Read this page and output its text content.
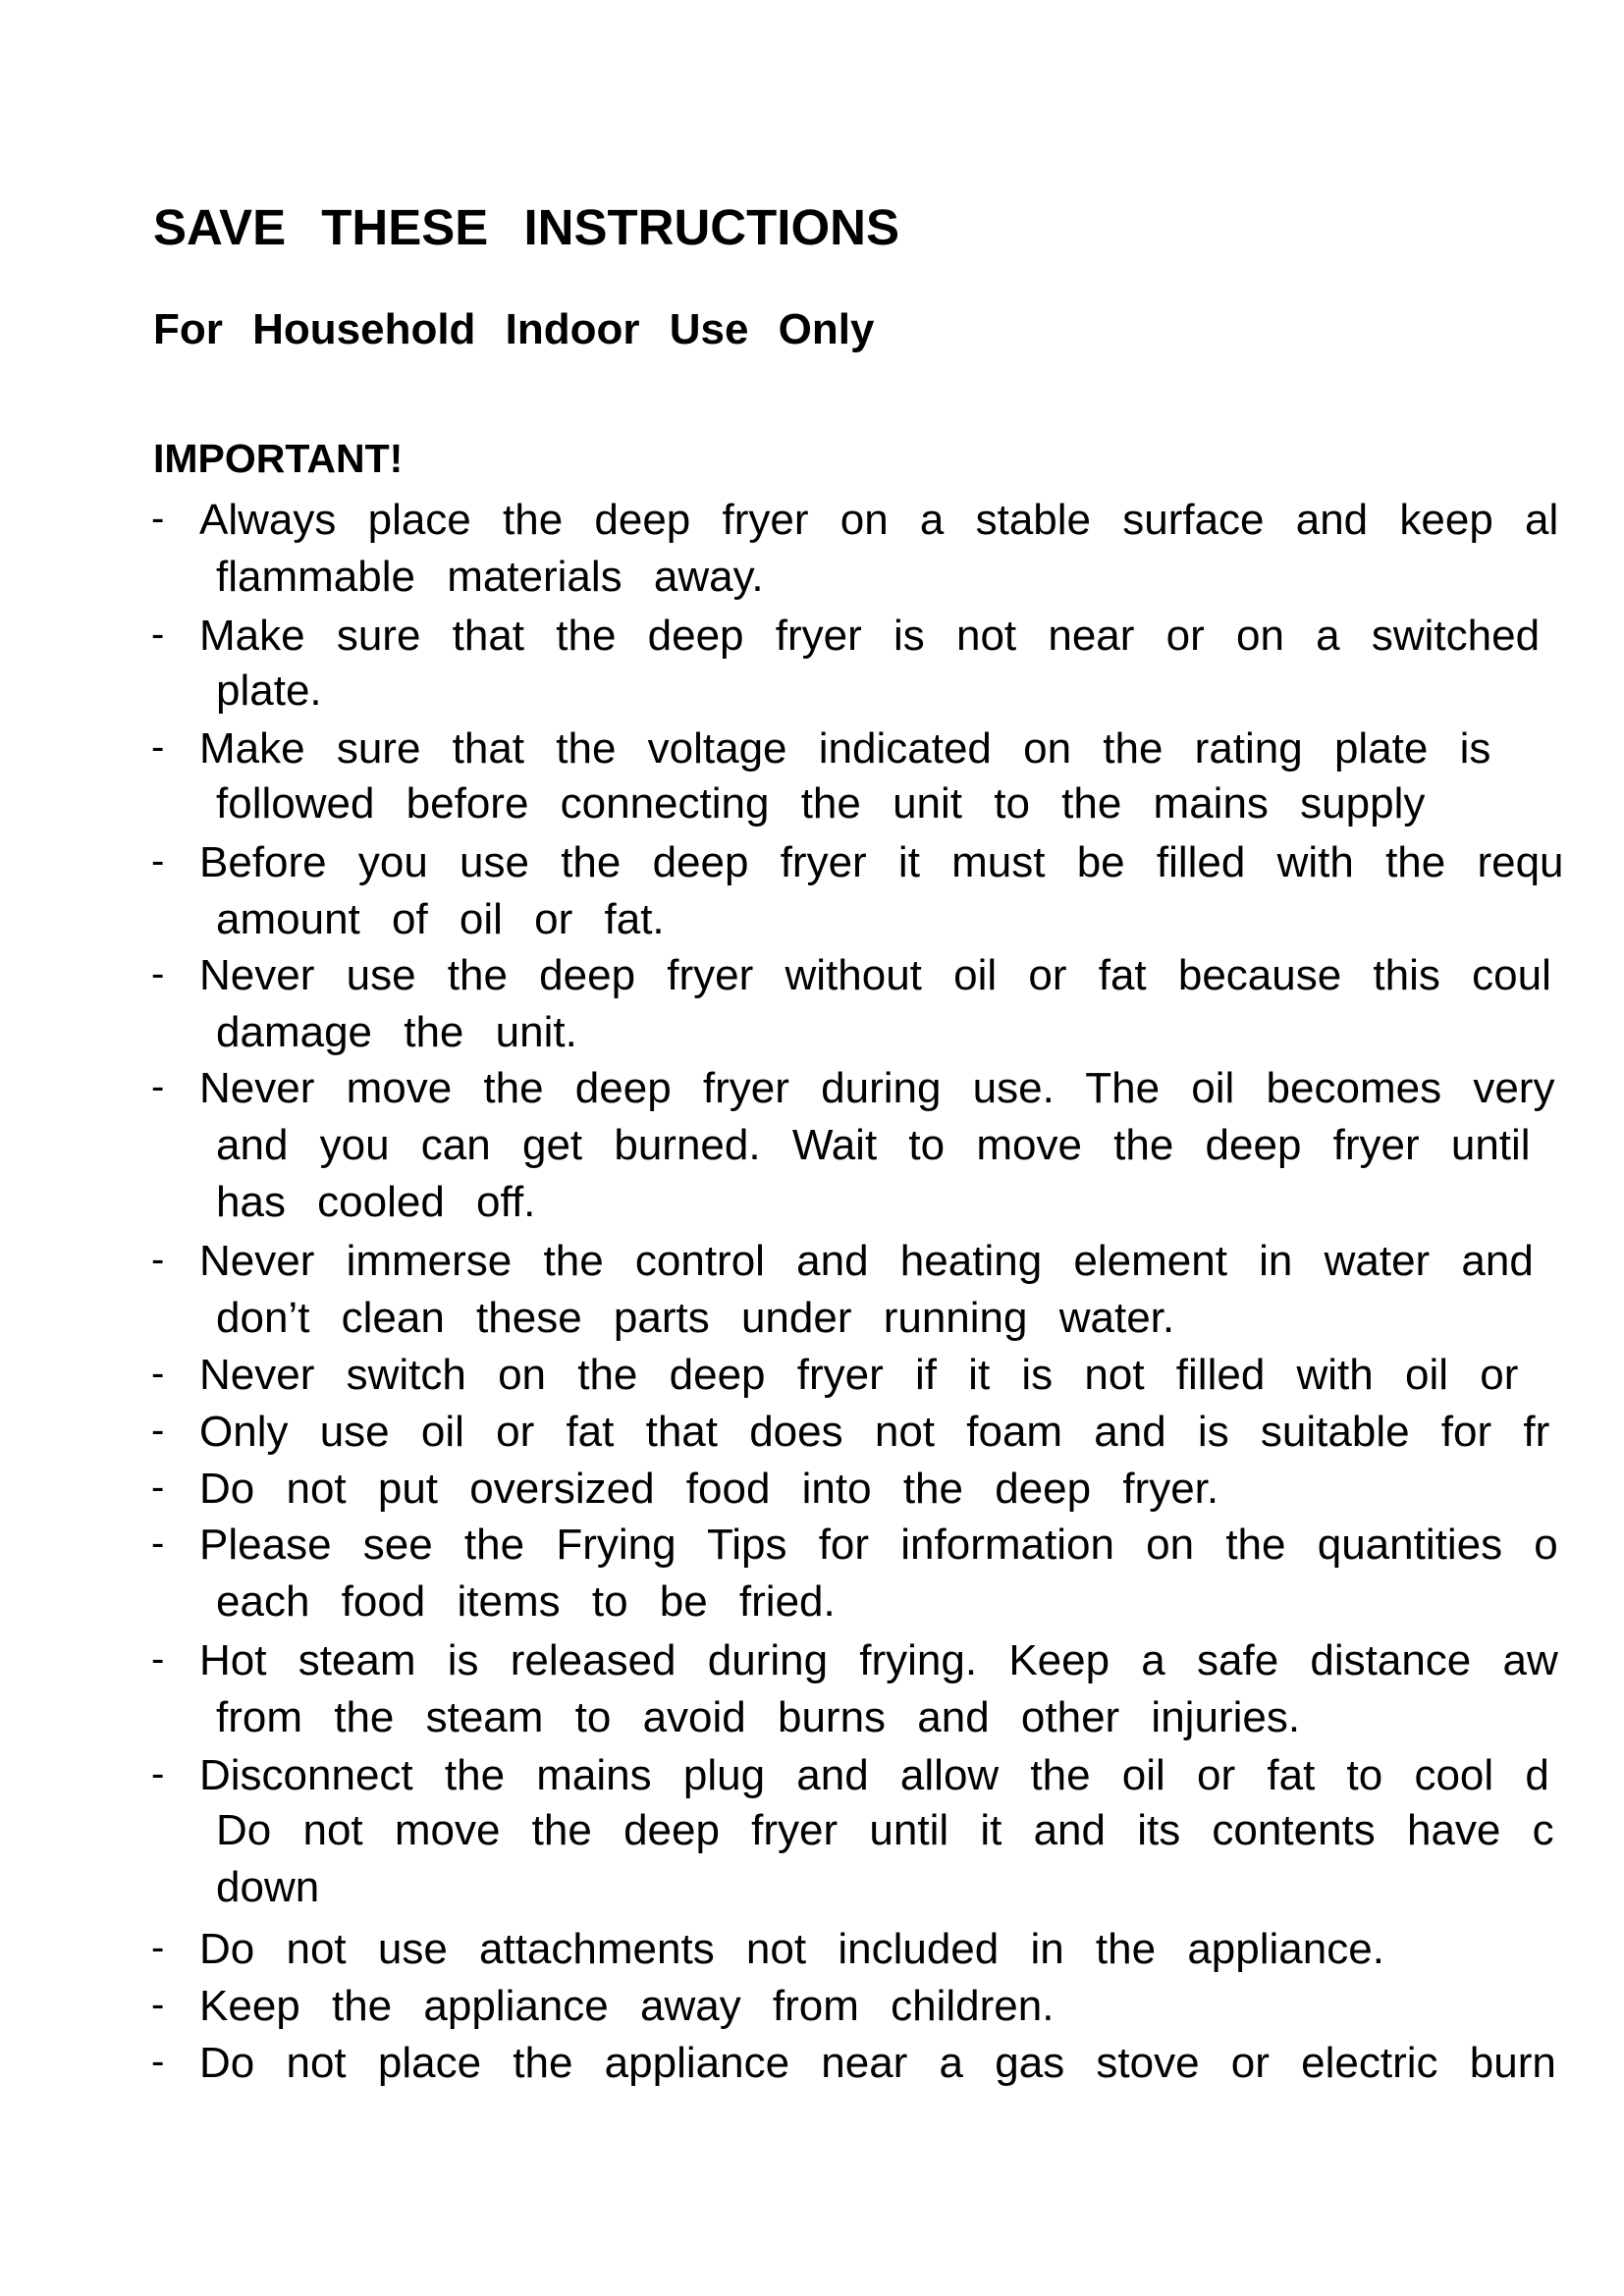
SAVE THESE INSTRUCTIONS
For Household Indoor Use Only
IMPORTANT!
- Always place the deep fryer on a stable surface and keep al
flammable materials away.
- Make sure that the deep fryer is not near or on a switched
plate.
- Make sure that the voltage indicated on the rating plate is
followed before connecting the unit to the mains supply
- Before you use the deep fryer it must be filled with the requ
amount of oil or fat.
- Never use the deep fryer without oil or fat because this coul
damage the unit.
- Never move the deep fryer during use. The oil becomes very
and you can get burned. Wait to move the deep fryer until
has cooled off.
- Never immerse the control and heating element in water and
don’t clean these parts under running water.
- Never switch on the deep fryer if it is not filled with oil or
- Only use oil or fat that does not foam and is suitable for fr
- Do not put oversized food into the deep fryer.
- Please see the Frying Tips for information on the quantities o
each food items to be fried.
- Hot steam is released during frying. Keep a safe distance aw
from the steam to avoid burns and other injuries.
- Disconnect the mains plug and allow the oil or fat to cool d
Do not move the deep fryer until it and its contents have c
down
- Do not use attachments not included in the appliance.
- Keep the appliance away from children.
- Do not place the appliance near a gas stove or electric burn
